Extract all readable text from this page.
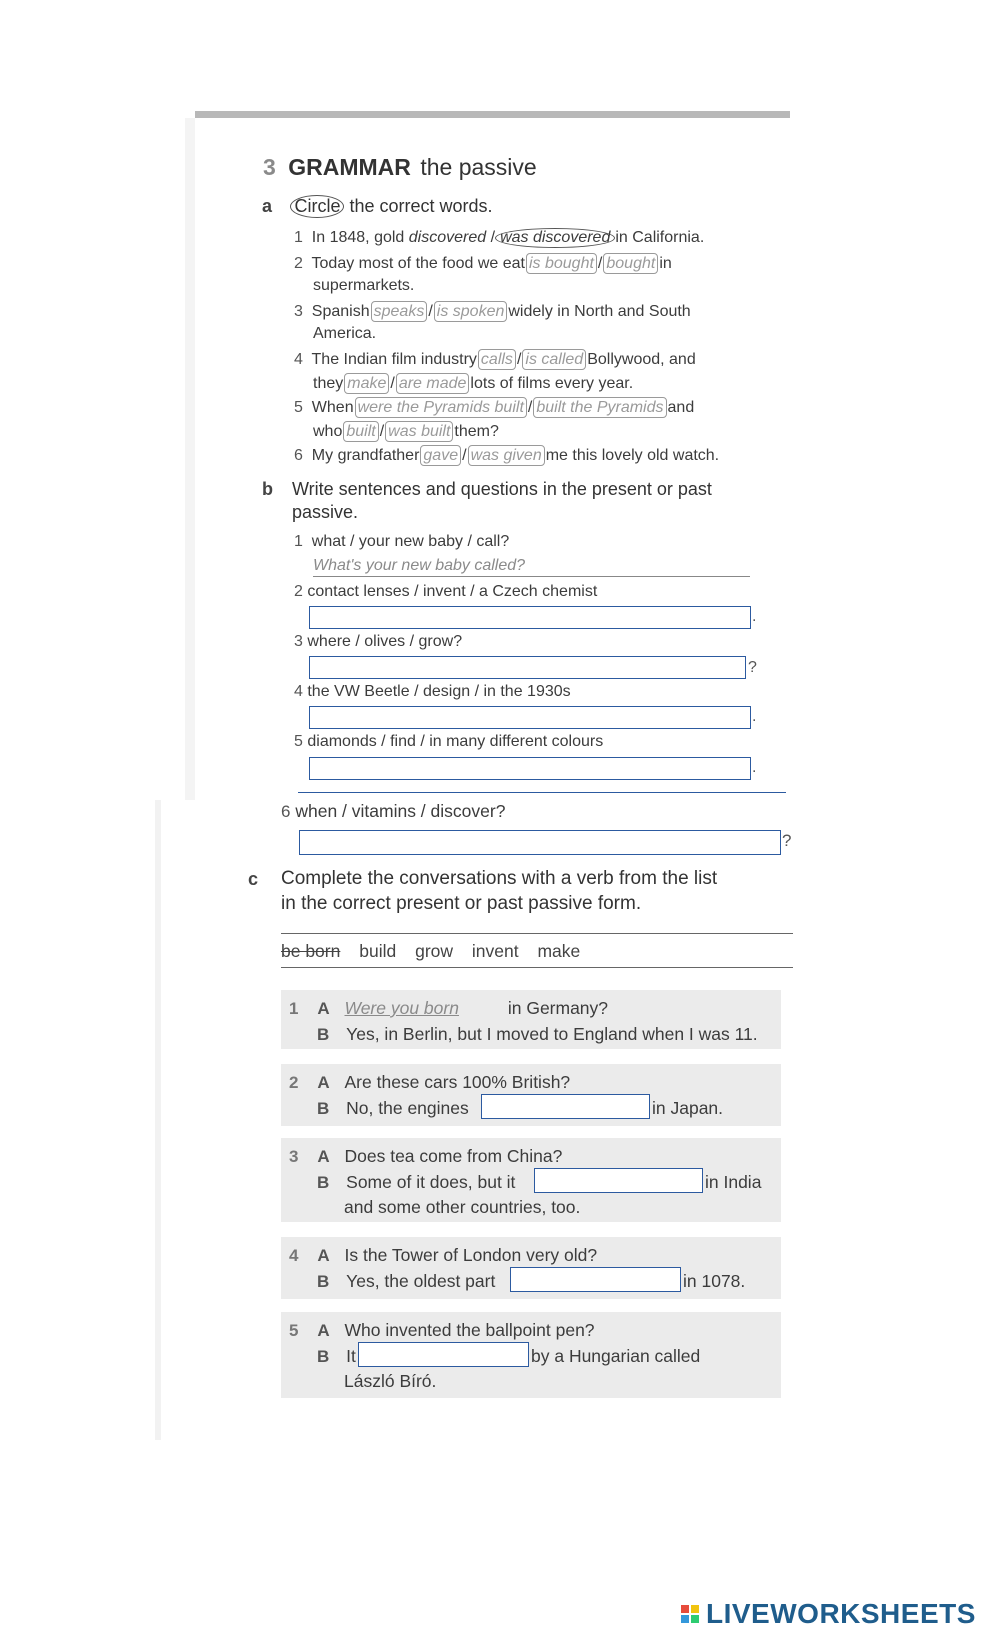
3 GRAMMAR the passive
a Circle the correct words.
1 In 1848, gold discovered / was discovered in California.
2 Today most of the food we eat is bought / bought in
supermarkets.
3 Spanish speaks / is spoken widely in North and South
America.
4 The Indian film industry calls / is called Bollywood, and
they make / are made lots of films every year.
5 When were the Pyramids built / built the Pyramids and
who built / was built them?
6 My grandfather gave / was given me this lovely old watch.
b Write sentences and questions in the present or past
passive.
1 what / your new baby / call?
What's your new baby called?
2 contact lenses / invent / a Czech chemist
.
3 where / olives / grow?
?
4 the VW Beetle / design / in the 1930s
.
5 diamonds / find / in many different colours
.
6 when / vitamins / discover?
?
c Complete the conversations with a verb from the list
in the correct present or past passive form.
be born build grow invent make
1 A Were you born	in Germany?
B Yes, in Berlin, but I moved to England when I was 11.
2 A Are these cars 100% British?
B No, the engines	in Japan.
3 A Does tea come from China?
B Some of it does, but it	in India
and some other countries, too.
4 A Is the Tower of London very old?
B Yes, the oldest part	in 1078.
5 A Who invented the ballpoint pen?
B It	by a Hungarian called
László Bíró.

LIVEWORKSHEETS
